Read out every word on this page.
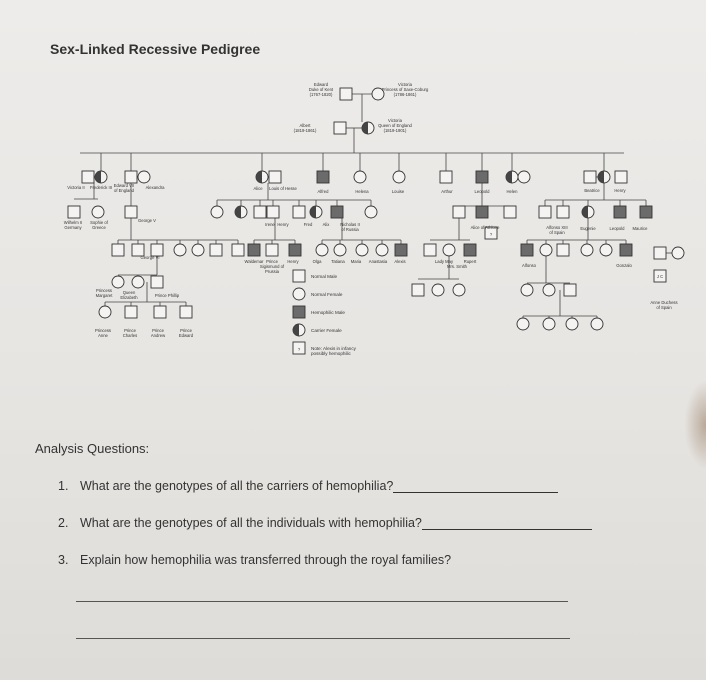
Sex-Linked Recessive Pedigree
?
?
Edward Duke of Kent (1767-1820)
Victoria Princess of Saxe-Coburg (1786-1861)
Albert (1819-1861)
Victoria Queen of England (1819-1901)
Victoria II Frederick III Edward VII of England
Alexandra	Alice Louis of Hesse
Alfred	Helena	Louise	Arthur	Leopold	Helen	Beatrice	Henry
Wilhelm II Germany
Sophie of Greece
George V
Irene Henry	Fred Alix	Nicholas II of Russia	Alice of Athlone	Alfonso XIII of Spain
Eugenie	Leopold Maurice
George VI
Waldemar Prince Sigismund of Prussia
Henry	Olga Tatiana Maria Anastasia Alexis	Lady May	Rupert
Mrs. Smith	Alfonso	Gonzalo
Princess Margaret
Queen Elizabeth	Prince Phillip
Princess Anne
Prince Charles
Prince Andrew
Prince Edward
J C
Anne Duchess of Spain
Normal Male
Normal Female
Hemophilic Male
Carrier Female
Note: Alexis in infancy possibly hemophilic
Analysis Questions:
1. What are the genotypes of all the carriers of hemophilia?
2. What are the genotypes of all the individuals with hemophilia?
3. Explain how hemophilia was transferred through the royal families?
